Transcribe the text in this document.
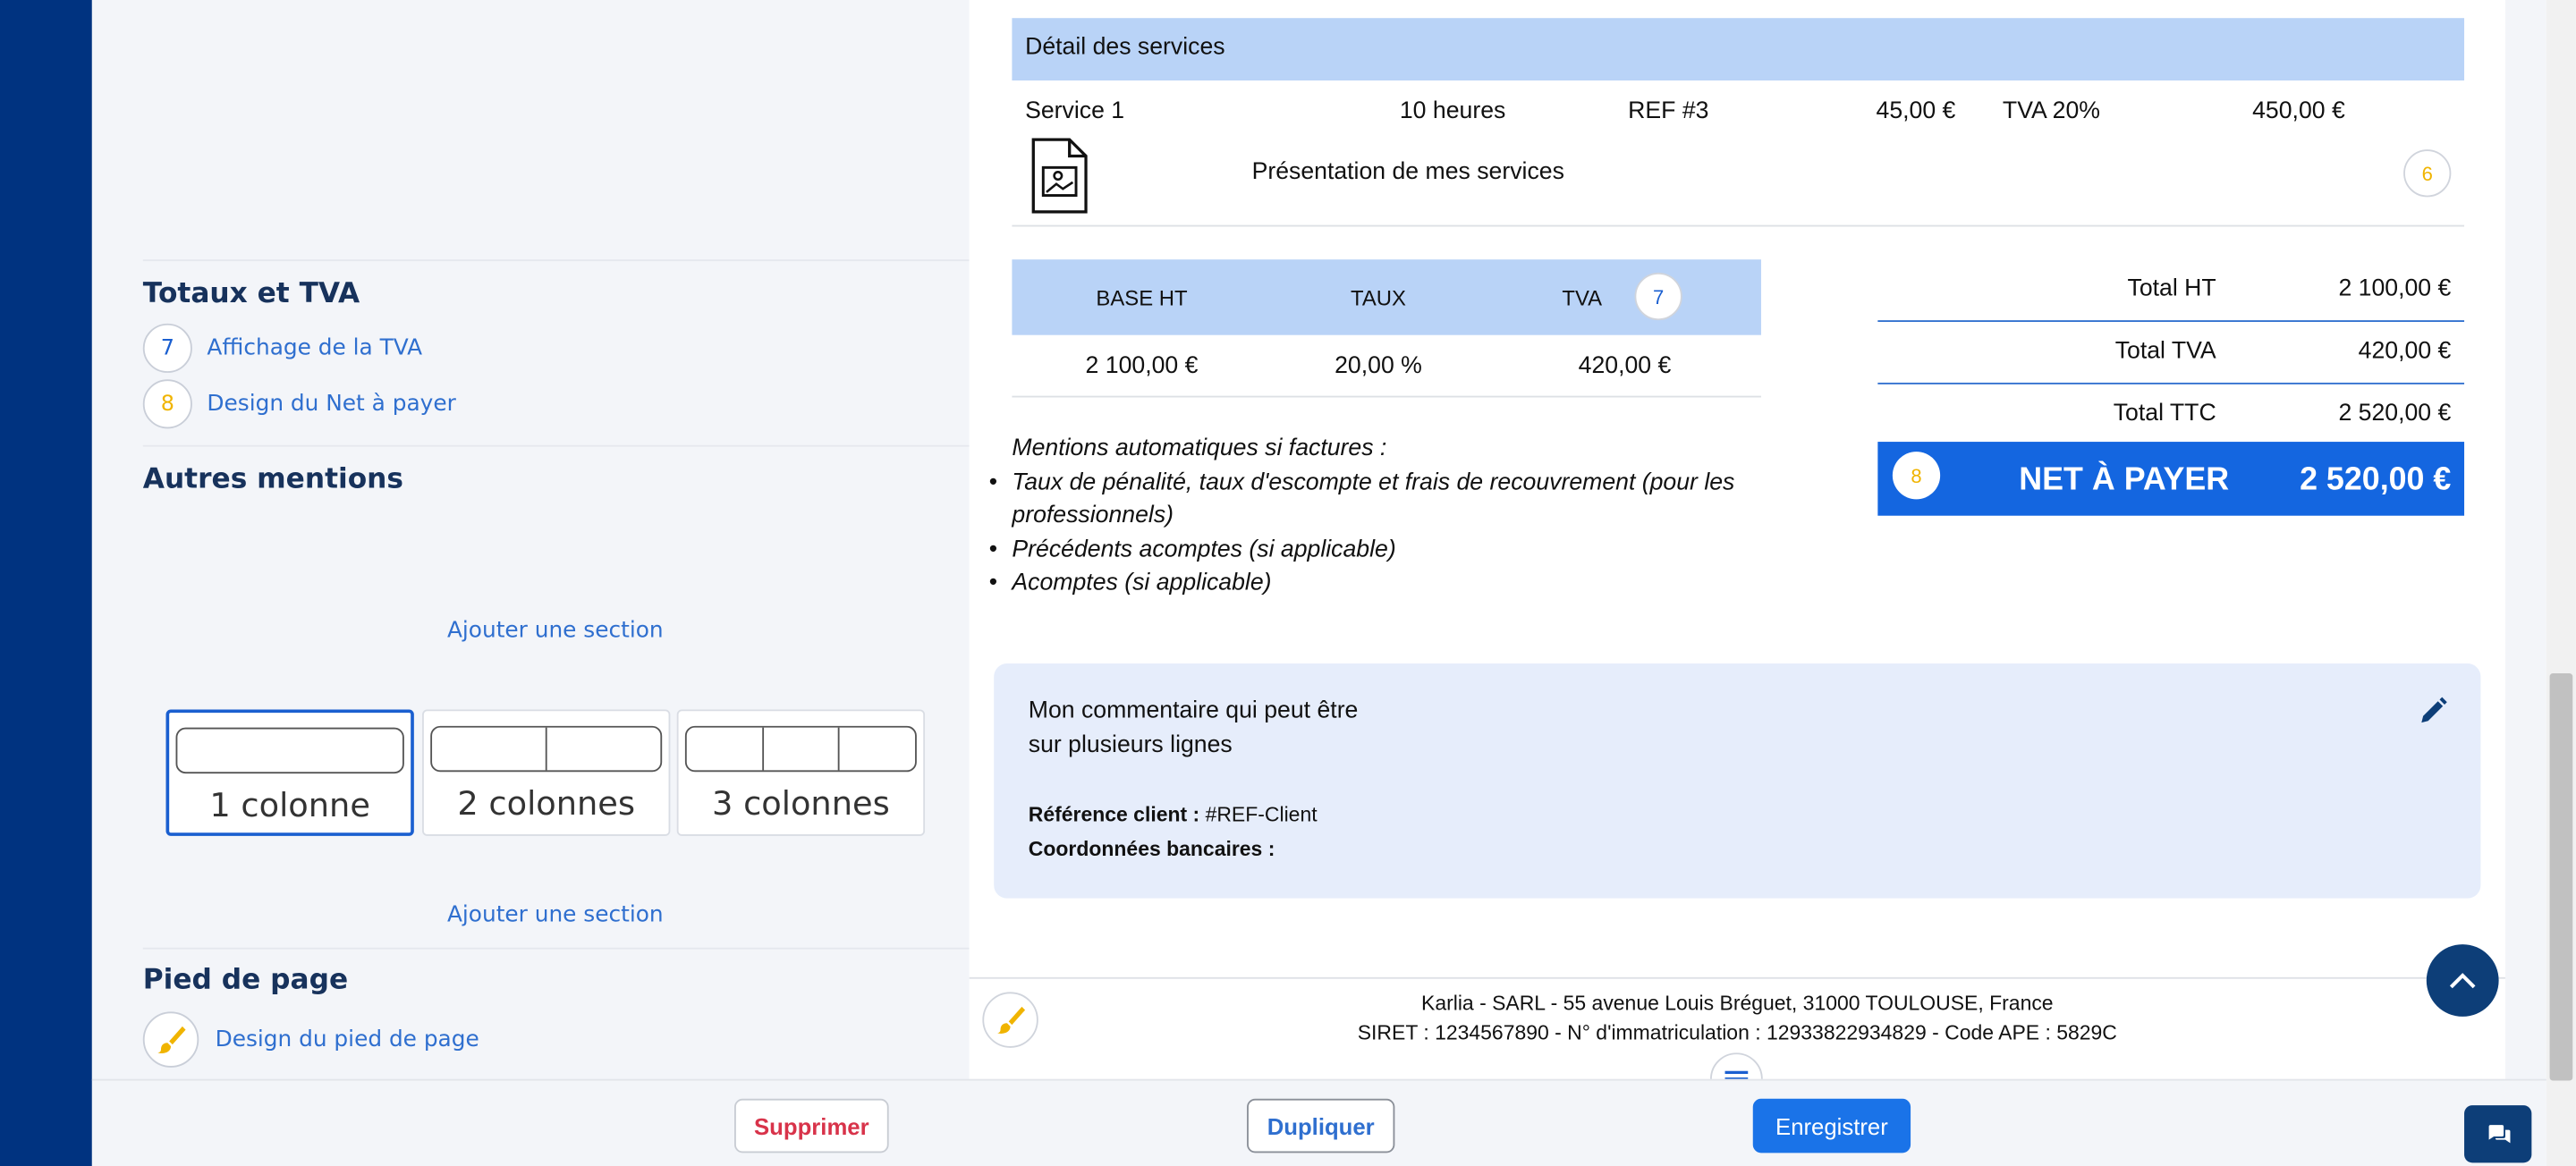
Totaux et TVA
7	Affichage de la TVA
8	Design du Net à payer
Autres mentions
Ajouter une section
1 colonne	2 colonnes	3 colonnes
Ajouter une section
Pied de page
Design du pied de page
Détail des services
Service 1	10 heures	REF #3	45,00 €	TVA 20%	450,00 €
Présentation de mes services	6
BASE HT	TAUX	TVA	7
2 100,00 €	20,00 %	420,00 €
Total HT	2 100,00 €
Total TVA	420,00 €
Total TTC	2 520,00 €
8	NET À PAYER	2 520,00 €
Mentions automatiques si factures :
• Taux de pénalité, taux d'escompte et frais de recouvrement (pour les professionnels)
• Précédents acomptes (si applicable)
• Acomptes (si applicable)
Mon commentaire qui peut être
sur plusieurs lignes
Référence client : #REF-Client
Coordonnées bancaires :
Karlia - SARL - 55 avenue Louis Bréguet, 31000 TOULOUSE, France
SIRET : 1234567890 - N° d'immatriculation : 12933822934829 - Code APE : 5829C
Supprimer	Dupliquer	Enregistrer
